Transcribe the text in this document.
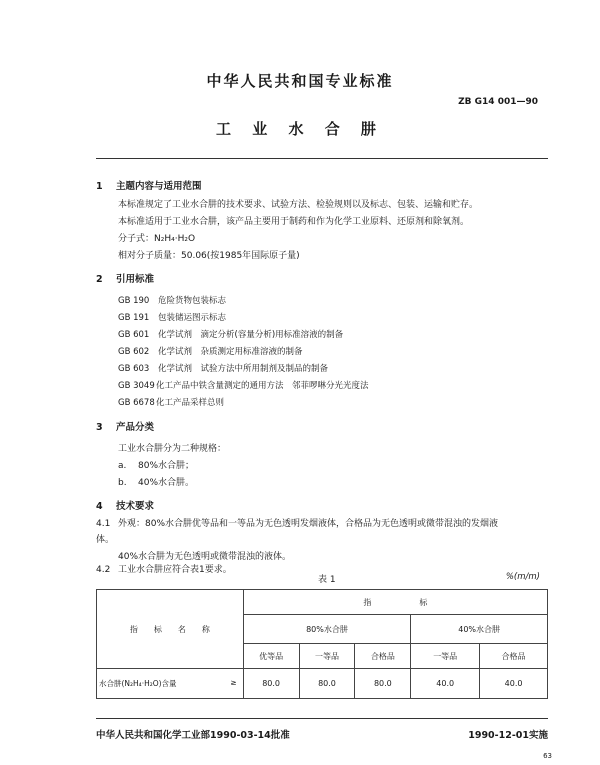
中华人民共和国专业标准
ZB G14 001—90
工 业 水 合 肼
1 主题内容与适用范围
本标准规定了工业水合肼的技术要求、试验方法、检验规则以及标志、包装、运输和贮存。
本标准适用于工业水合肼，该产品主要用于制药和作为化学工业原料、还原剂和除氧剂。
分子式：N₂H₄·H₂O
相对分子质量：50.06(按1985年国际原子量)
2 引用标准
GB 190 危险货物包装标志
GB 191 包装储运图示标志
GB 601 化学试剂　滴定分析(容量分析)用标准溶液的制备
GB 602 化学试剂　杂质测定用标准溶液的制备
GB 603 化学试剂　试验方法中所用制剂及制品的制备
GB 3049化工产品中铁含量测定的通用方法　邻菲啰啉分光光度法
GB 6678化工产品采样总则
3 产品分类
工业水合肼分为二种规格：
a. 80%水合肼；
b. 40%水合肼。
4 技术要求
4.1 外观：80%水合肼优等品和一等品为无色透明发烟液体，合格品为无色透明或微带混浊的发烟液
体。
40%水合肼为无色透明或微带混浊的液体。
4.2 工业水合肼应符合表1要求。
表 1	%(m/m)
指　　标　　名　　称	指　　　　　　标				
	80%水合肼			40%水合肼	
	优等品	一等品	合格品	一等品	合格品
水合肼(N₂H₄·H₂O)含量 ≥	80.0	80.0	80.0	40.0	40.0
中华人民共和国化学工业部1990-03-14批准	1990-12-01实施
63
